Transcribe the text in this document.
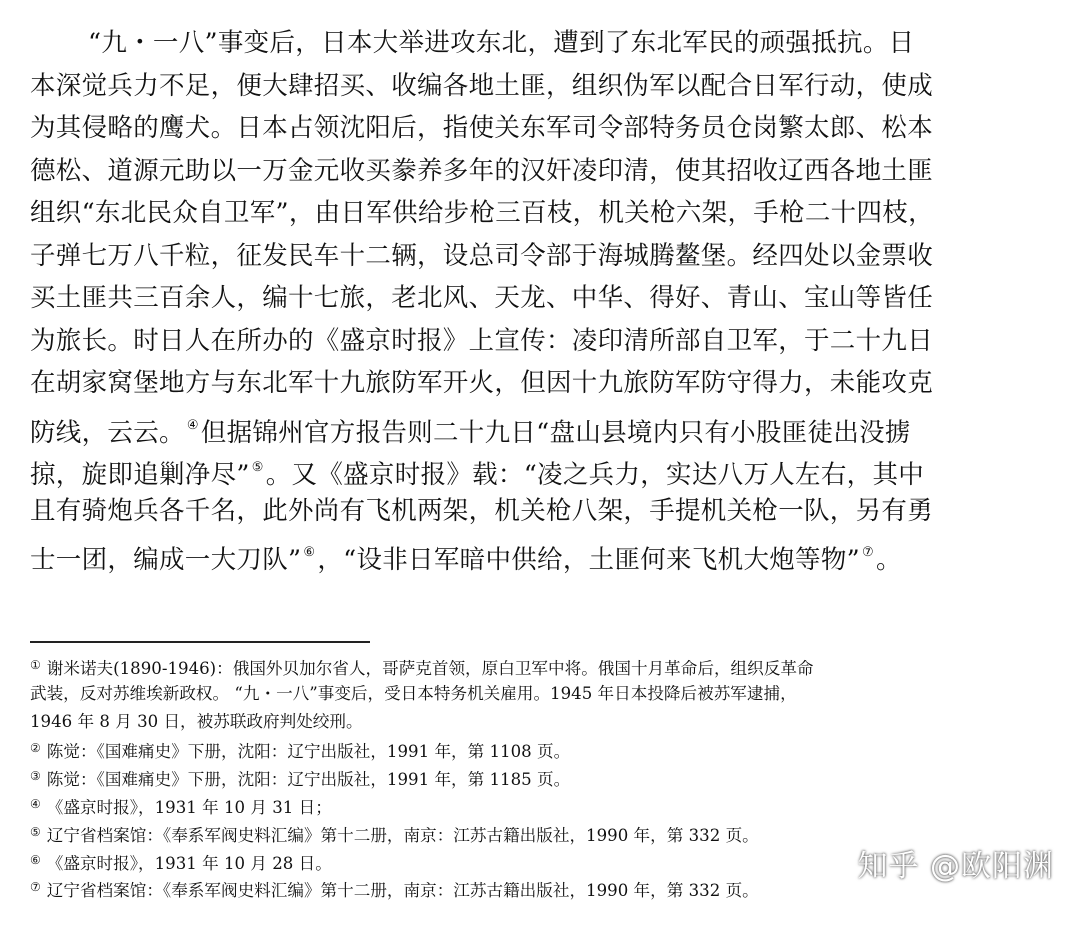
“九・一八”事变后，日本大举进攻东北，遭到了东北军民的顽强抵抗。日
本深觉兵力不足，便大肆招买、收编各地土匪，组织伪军以配合日军行动，使成
为其侵略的鹰犬。日本占领沈阳后，指使关东军司令部特务员仓岗繁太郎、松本
德松、道源元助以一万金元收买豢养多年的汉奸凌印清，使其招收辽西各地土匪
组织“东北民众自卫军”，由日军供给步枪三百枝，机关枪六架，手枪二十四枝，
子弹七万八千粒，征发民车十二辆，设总司令部于海城腾鳌堡。经四处以金票收
买土匪共三百余人，编十七旅，老北风、天龙、中华、得好、青山、宝山等皆任
为旅长。时日人在所办的《盛京时报》上宣传：凌印清所部自卫军，于二十九日
在胡家窝堡地方与东北军十九旅防军开火，但因十九旅防军防守得力，未能攻克
防线，云云。 ④但据锦州官方报告则二十九日“盘山县境内只有小股匪徒出没掳
掠，旋即追剿净尽” ⑤。又《盛京时报》载：“凌之兵力，实达八万人左右，其中
且有骑炮兵各千名，此外尚有飞机两架，机关枪八架，手提机关枪一队，另有勇
士一团，编成一大刀队” ⑥，“设非日军暗中供给，土匪何来飞机大炮等物” ⑦。
① 谢米诺夫(1890-1946)：俄国外贝加尔省人，哥萨克首领，原白卫军中将。俄国十月革命后，组织反革命
武装，反对苏维埃新政权。 “九・一八”事变后，受日本特务机关雇用。1945 年日本投降后被苏军逮捕，
1946 年 8 月 30 日，被苏联政府判处绞刑。
② 陈觉：《国难痛史》下册，沈阳：辽宁出版社，1991 年，第 1108 页。
③ 陈觉：《国难痛史》下册，沈阳：辽宁出版社，1991 年，第 1185 页。
④ 《盛京时报》，1931 年 10 月 31 日；
⑤ 辽宁省档案馆：《奉系军阀史料汇编》第十二册，南京：江苏古籍出版社，1990 年，第 332 页。
⑥ 《盛京时报》，1931 年 10 月 28 日。
⑦ 辽宁省档案馆：《奉系军阀史料汇编》第十二册，南京：江苏古籍出版社，1990 年，第 332 页。
知乎 @欧阳渊
